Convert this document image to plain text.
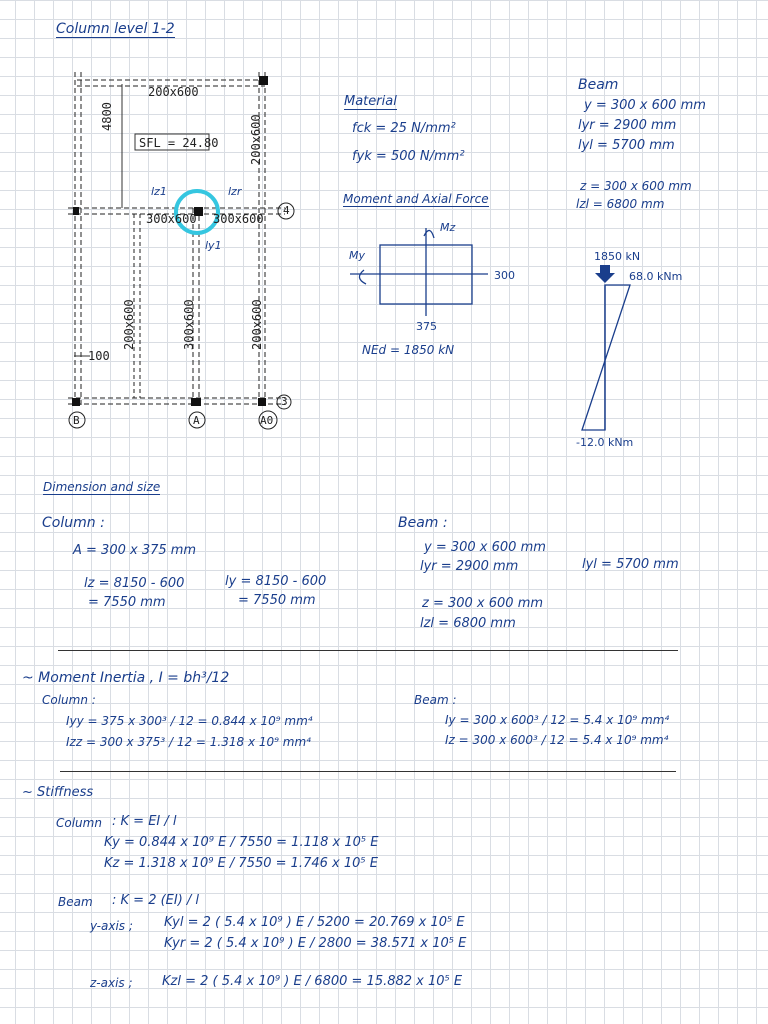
Column level 1-2
200x600
4800
SFL = 24.80	200x600
300x600 300x600
200x600	300x600	200x600
100
lz1	lzr
ly1
4
3
B	A	A0
Material
fck = 25 N/mm²
fyk = 500 N/mm²
Moment and Axial Force
Mz
My
300
375
NEd = 1850 kN
Beam
y = 300 x 600 mm
lyr = 2900 mm
lyl = 5700 mm
z = 300 x 600 mm
lzl = 6800 mm
1850 kN
68.0 kNm
-12.0 kNm
Dimension and size
Column :
A = 300 x 375 mm
lz = 8150 - 600
= 7550 mm
ly = 8150 - 600
= 7550 mm
Beam :
y = 300 x 600 mm
lyr = 2900 mm	lyl = 5700 mm
z = 300 x 600 mm
lzl = 6800 mm
~ Moment Inertia , I = bh³/12
Column :
Iyy = 375 x 300³ / 12 = 0.844 x 10⁹ mm⁴
Izz = 300 x 375³ / 12 = 1.318 x 10⁹ mm⁴
Beam :
Iy = 300 x 600³ / 12 = 5.4 x 10⁹ mm⁴
Iz = 300 x 600³ / 12 = 5.4 x 10⁹ mm⁴
~ Stiffness
Column : K = EI / l
Ky = 0.844 x 10⁹ E / 7550 = 1.118 x 10⁵ E
Kz = 1.318 x 10⁹ E / 7550 = 1.746 x 10⁵ E
Beam : K = 2 (EI) / l
y-axis ; Kyl = 2 ( 5.4 x 10⁹ ) E / 5200 = 20.769 x 10⁵ E
Kyr = 2 ( 5.4 x 10⁹ ) E / 2800 = 38.571 x 10⁵ E
z-axis ; Kzl = 2 ( 5.4 x 10⁹ ) E / 6800 = 15.882 x 10⁵ E
